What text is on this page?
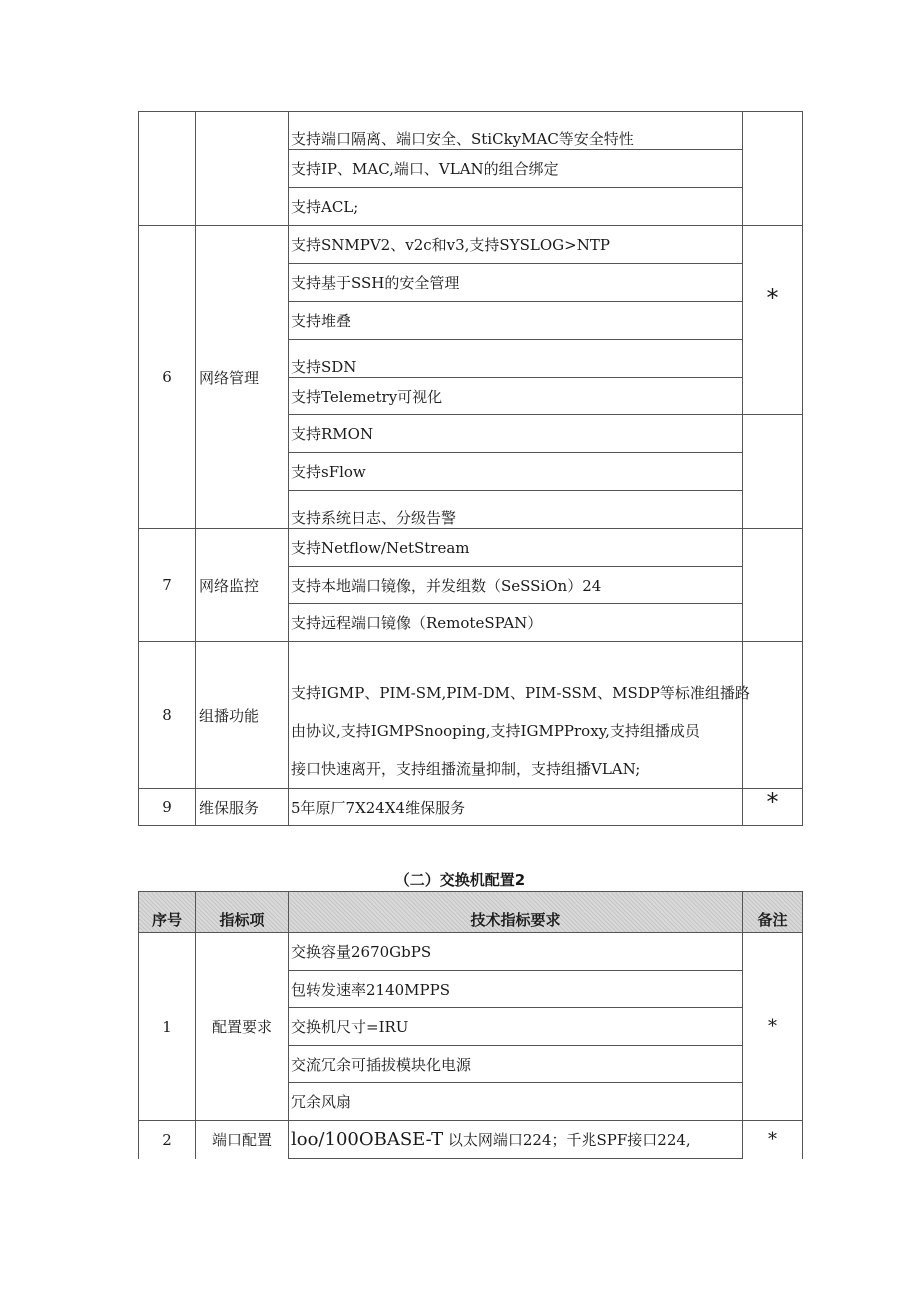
		支持端口隔离、端口安全、StiCkyMAC等安全特性	
		支持IP、MAC,端口、VLAN的组合绑定	
		支持ACL;	
6	网络管理	支持SNMPV2、v2c和v3,支持SYSLOG>NTP	*
		支持基于SSH的安全管理	
		支持堆叠	
		支持SDN	
		支持Telemetry可视化	
		支持RMON	
		支持sFlow	
		支持系统日志、分级告警	
7	网络监控	支持Netflow/NetStream	
		支持本地端口镜像，并发组数（SeSSiOn）24	
		支持远程端口镜像（RemoteSPAN）	
8	组播功能	支持IGMP、PIM-SM,PIM-DM、PIM-SSM、MSDP等标准组播路
由协议,支持IGMPSnooping,支持IGMPProxy,支持组播成员
接口快速离开，支持组播流量抑制，支持组播VLAN;	

9	维保服务	5年原厂7X24X4维保服务	*
（二）交换机配置2
序号	指标项	技术指标要求	备注
1	配置要求	交换容量2670GbPS	*
		包转发速率2140MPPS	
		交换机尺寸=IRU	
		交流冗余可插拔模块化电源	
		冗余风扇	
2	端口配置	loo/100OBASE-T 以太网端口224；千兆SPF接口224,	*
